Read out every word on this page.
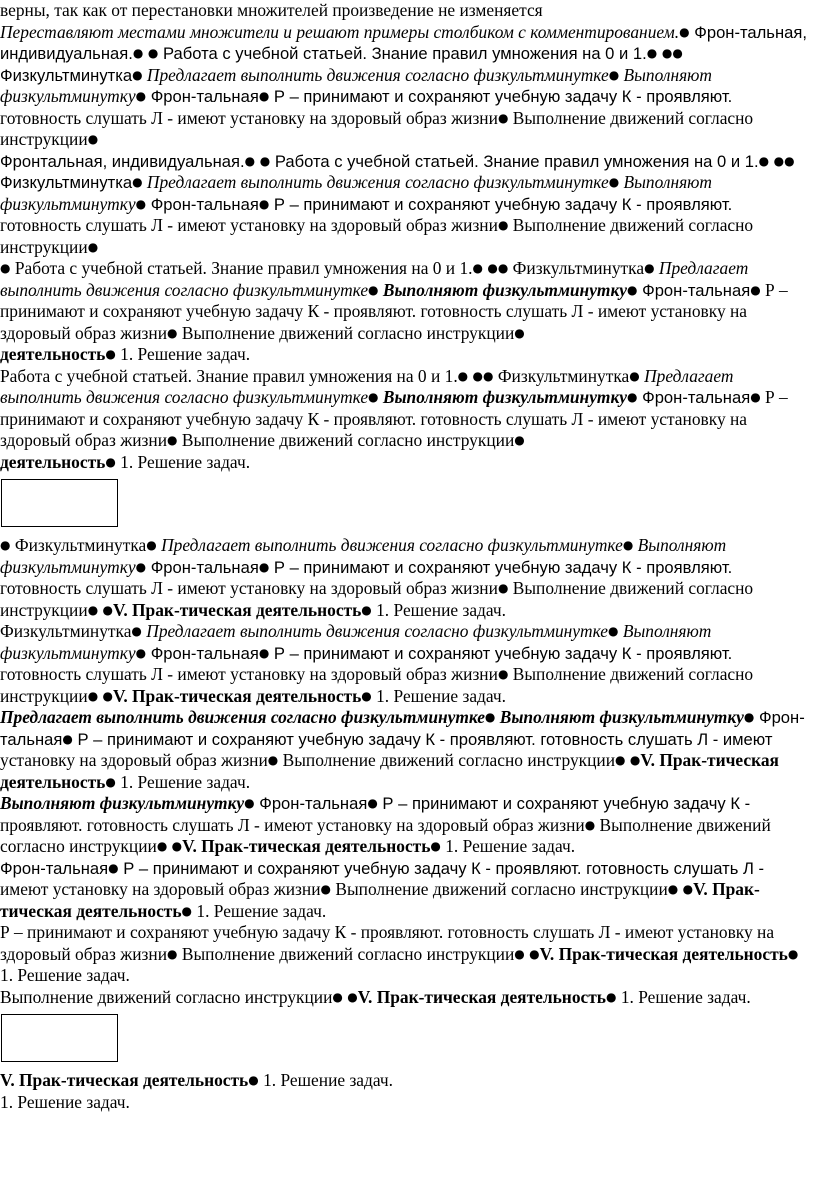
верны, так как от перестановки множителей произведение не изменяется

Переставляют местами множители и решают примеры столбиком с комментированием.● Фрон-тальная, индивидуальная.● ● Работа с учебной статьей. Знание правил умножения на 0 и 1.● ●● Физкультминутка● Предлагает выполнить движения согласно физкультминутке● Выполняют физкультминутку● Фрон-тальная● Р – принимают и сохраняют учебную задачу К - проявляют. готовность слушать Л - имеют установку на здоровый образ жизни● Выполнение движений согласно инструкции●

Фронтальная, индивидуальная.● ● Работа с учебной статьей. Знание правил умножения на 0 и 1.● ●● Физкультминутка● Предлагает выполнить движения согласно физкультминутке● Выполняют физкультминутку● Фрон-тальная● Р – принимают и сохраняют учебную задачу К - проявляют. готовность слушать Л - имеют установку на здоровый образ жизни● Выполнение движений согласно инструкции●

● Работа с учебной статьей. Знание правил умножения на 0 и 1.● ●● Физкультминутка● Предлагает выполнить движения согласно физкультминутке● Выполняют физкультминутку● Фрон-тальная● Р – принимают и сохраняют учебную задачу К - проявляют. готовность слушать Л - имеют установку на здоровый образ жизни● Выполнение движений согласно инструкции●
деятельность● 1. Решение задач.

Работа с учебной статьей. Знание правил умножения на 0 и 1.● ●● Физкультминутка● Предлагает выполнить движения согласно физкультминутке● Выполняют физкультминутку● Фрон-тальная● Р – принимают и сохраняют учебную задачу К - проявляют. готовность слушать Л - имеют установку на здоровый образ жизни● Выполнение движений согласно инструкции●
деятельность● 1. Решение задач.

● Физкультминутка● Предлагает выполнить движения согласно физкультминутке● Выполняют физкультминутку● Фрон-тальная● Р – принимают и сохраняют учебную задачу К - проявляют. готовность слушать Л - имеют установку на здоровый образ жизни● Выполнение движений согласно инструкции● ●V. Прак-тическая деятельность● 1. Решение задач.

Физкультминутка● Предлагает выполнить движения согласно физкультминутке● Выполняют физкультминутку● Фрон-тальная● Р – принимают и сохраняют учебную задачу К - проявляют. готовность слушать Л - имеют установку на здоровый образ жизни● Выполнение движений согласно инструкции● ●V. Прак-тическая деятельность● 1. Решение задач.

Предлагает выполнить движения согласно физкультминутке● Выполняют физкультминутку● Фрон-тальная● Р – принимают и сохраняют учебную задачу К - проявляют. готовность слушать Л - имеют установку на здоровый образ жизни● Выполнение движений согласно инструкции● ●V. Прак-тическая деятельность● 1. Решение задач.

Выполняют физкультминутку● Фрон-тальная● Р – принимают и сохраняют учебную задачу К - проявляют. готовность слушать Л - имеют установку на здоровый образ жизни● Выполнение движений согласно инструкции● ●V. Прак-тическая деятельность● 1. Решение задач.

Фрон-тальная● Р – принимают и сохраняют учебную задачу К - проявляют. готовность слушать Л - имеют установку на здоровый образ жизни● Выполнение движений согласно инструкции● ●V. Прак-тическая деятельность● 1. Решение задач.

Р – принимают и сохраняют учебную задачу К - проявляют. готовность слушать Л - имеют установку на здоровый образ жизни● Выполнение движений согласно инструкции● ●V. Прак-тическая деятельность● 1. Решение задач.

Выполнение движений согласно инструкции● ●V. Прак-тическая деятельность● 1. Решение задач.

V. Прак-тическая деятельность● 1. Решение задач.

1. Решение задач.
